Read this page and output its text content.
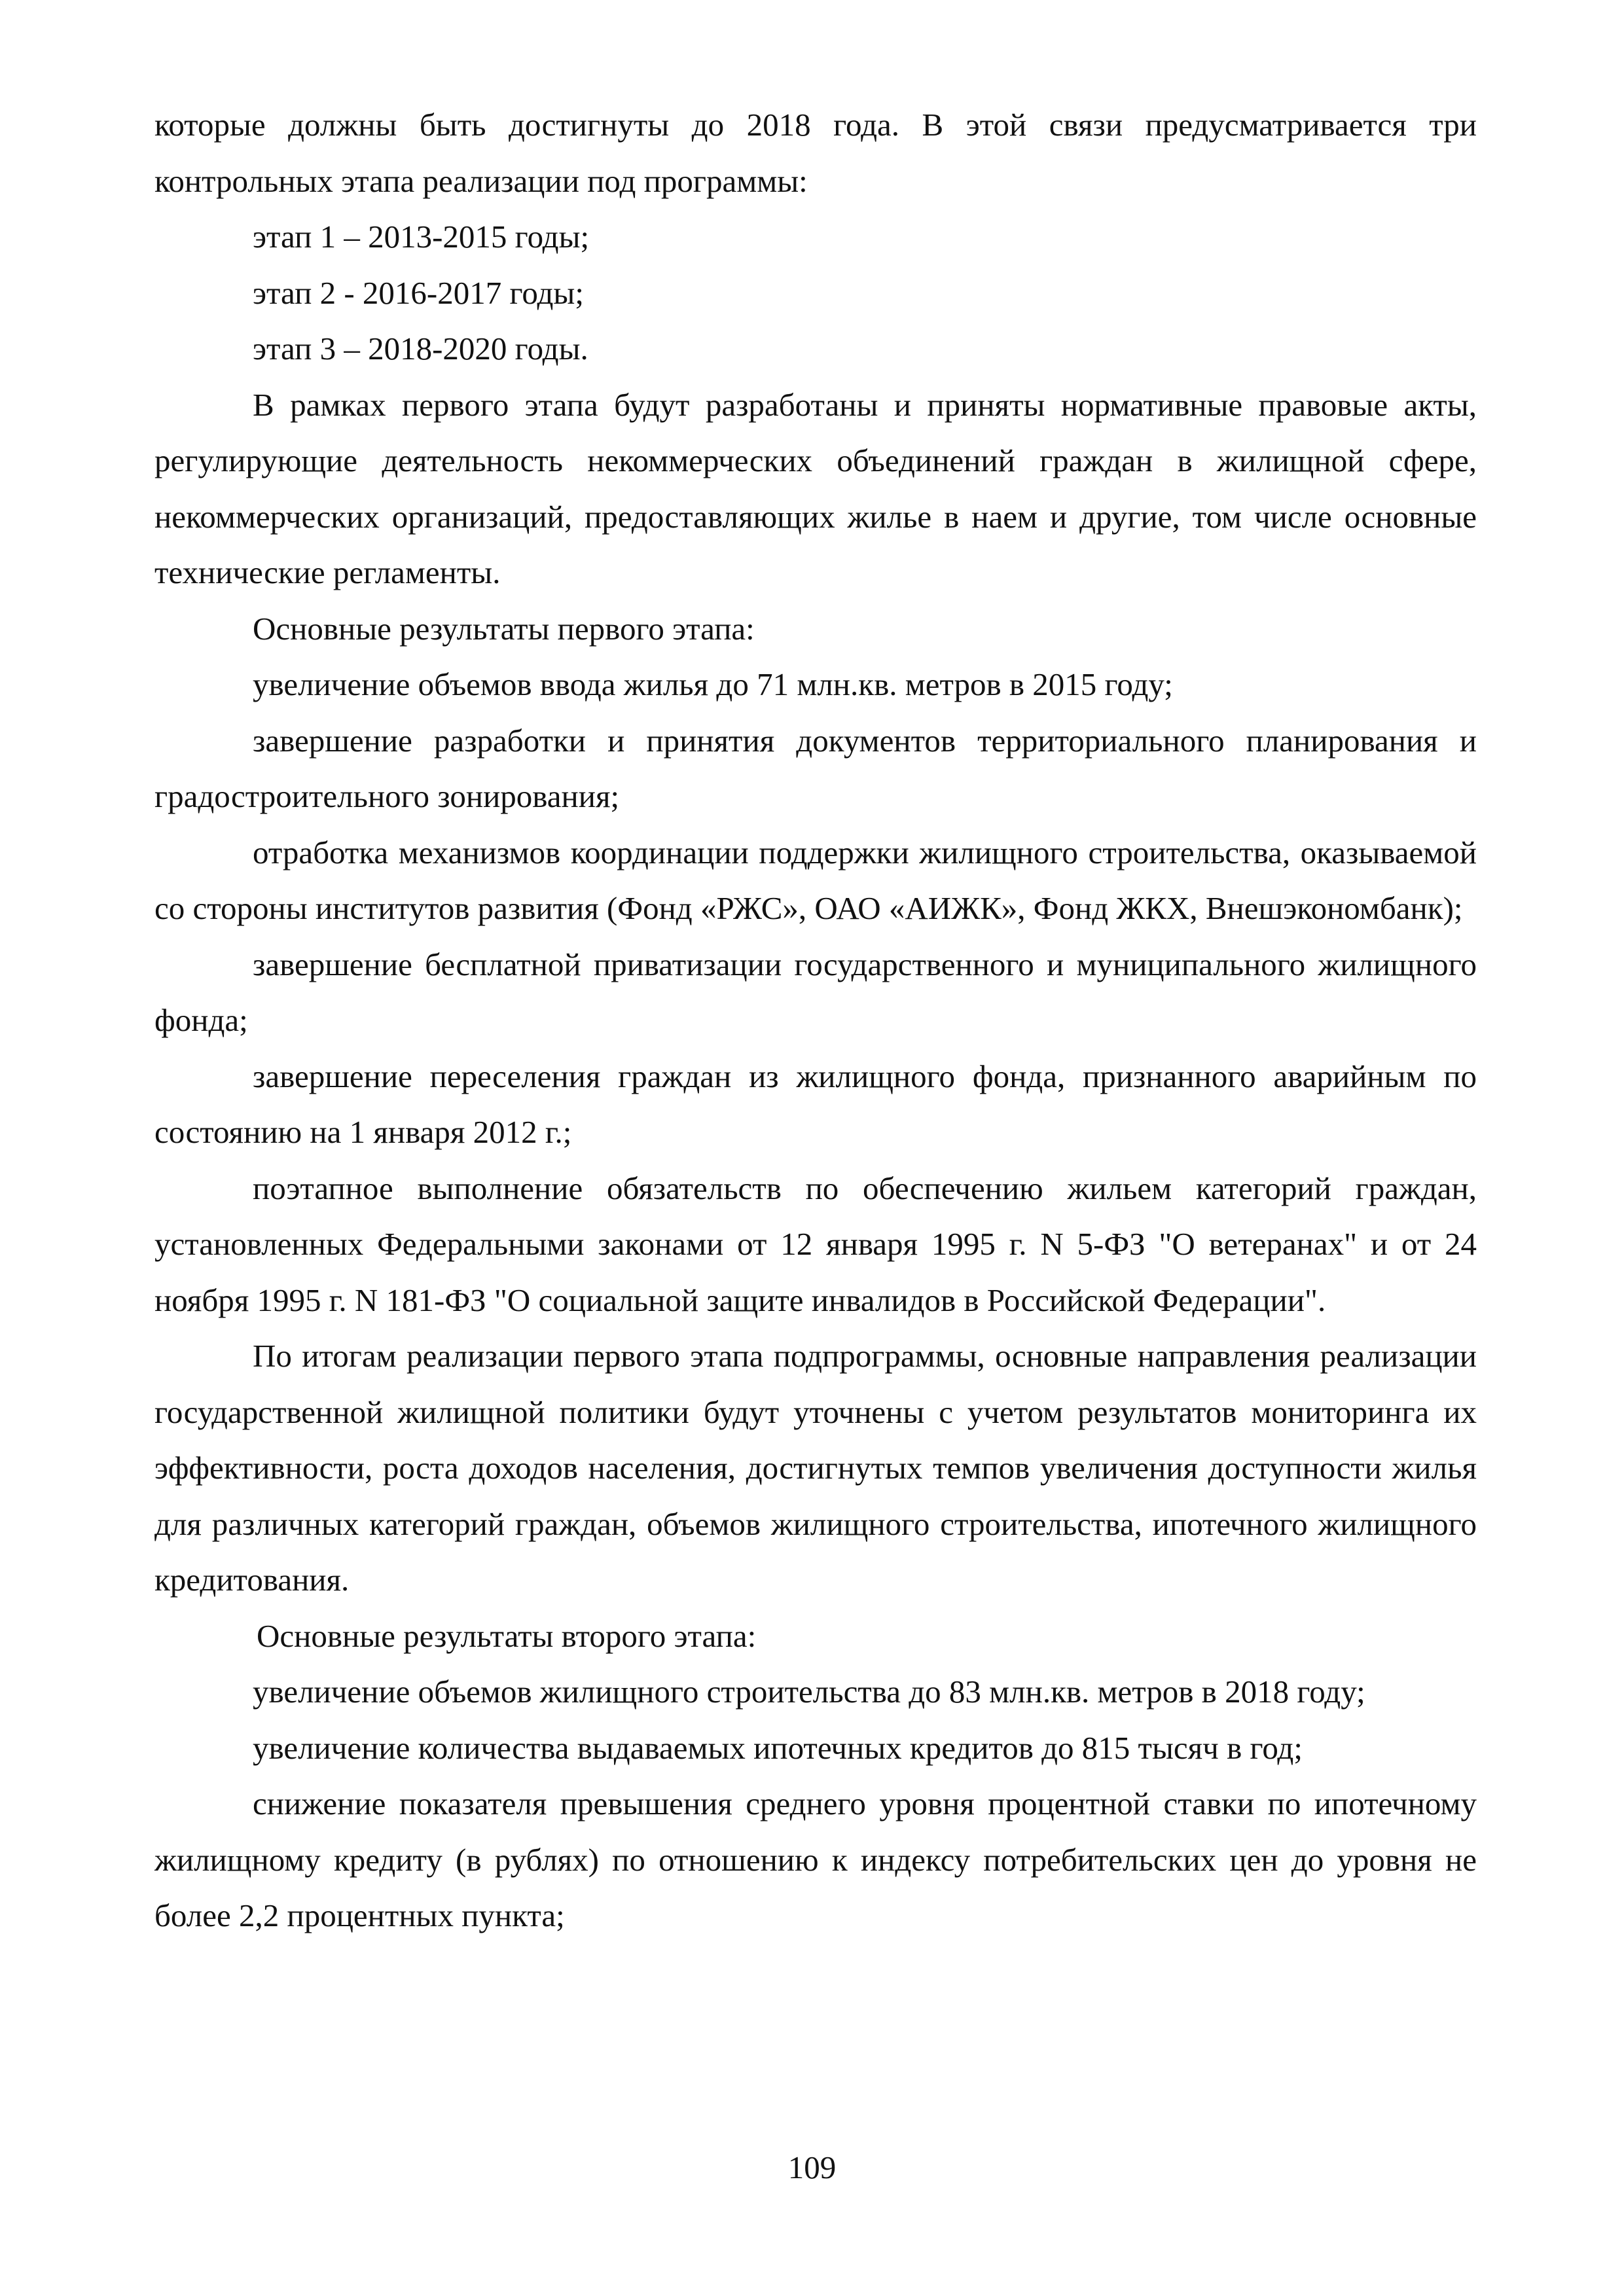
которые должны быть достигнуты до 2018 года. В этой связи предусматривается три контрольных этапа реализации под программы:

этап 1 – 2013-2015 годы;

этап 2 - 2016-2017 годы;

этап 3 – 2018-2020 годы.

В рамках первого этапа будут разработаны и приняты нормативные правовые акты, регулирующие деятельность некоммерческих объединений граждан в жилищной сфере, некоммерческих организаций, предоставляющих жилье в наем и другие, том числе основные технические регламенты.

Основные результаты первого этапа:

увеличение объемов ввода жилья до 71 млн.кв. метров в 2015 году;

завершение разработки и принятия документов территориального планирования и градостроительного зонирования;

отработка механизмов координации поддержки жилищного строительства, оказываемой со стороны институтов развития (Фонд «РЖС», ОАО «АИЖК», Фонд ЖКХ, Внешэкономбанк);

завершение бесплатной приватизации государственного и муниципального жилищного фонда;

завершение переселения граждан из жилищного фонда, признанного аварийным по состоянию на 1 января 2012 г.;

поэтапное выполнение обязательств по обеспечению жильем категорий граждан, установленных Федеральными законами от 12 января 1995 г. N 5-ФЗ "О ветеранах" и от 24 ноября 1995 г. N 181-ФЗ "О социальной защите инвалидов в Российской Федерации".

По итогам реализации первого этапа подпрограммы, основные направления реализации государственной жилищной политики будут уточнены с учетом результатов мониторинга их эффективности, роста доходов населения, достигнутых темпов увеличения доступности жилья для различных категорий граждан, объемов жилищного строительства, ипотечного жилищного кредитования.

Основные результаты второго этапа:

увеличение объемов жилищного строительства до 83 млн.кв. метров в 2018 году;

увеличение количества выдаваемых ипотечных кредитов до 815 тысяч в год;

снижение показателя превышения среднего уровня процентной ставки по ипотечному жилищному кредиту (в рублях) по отношению к индексу потребительских цен до уровня не более 2,2 процентных пункта;

109
